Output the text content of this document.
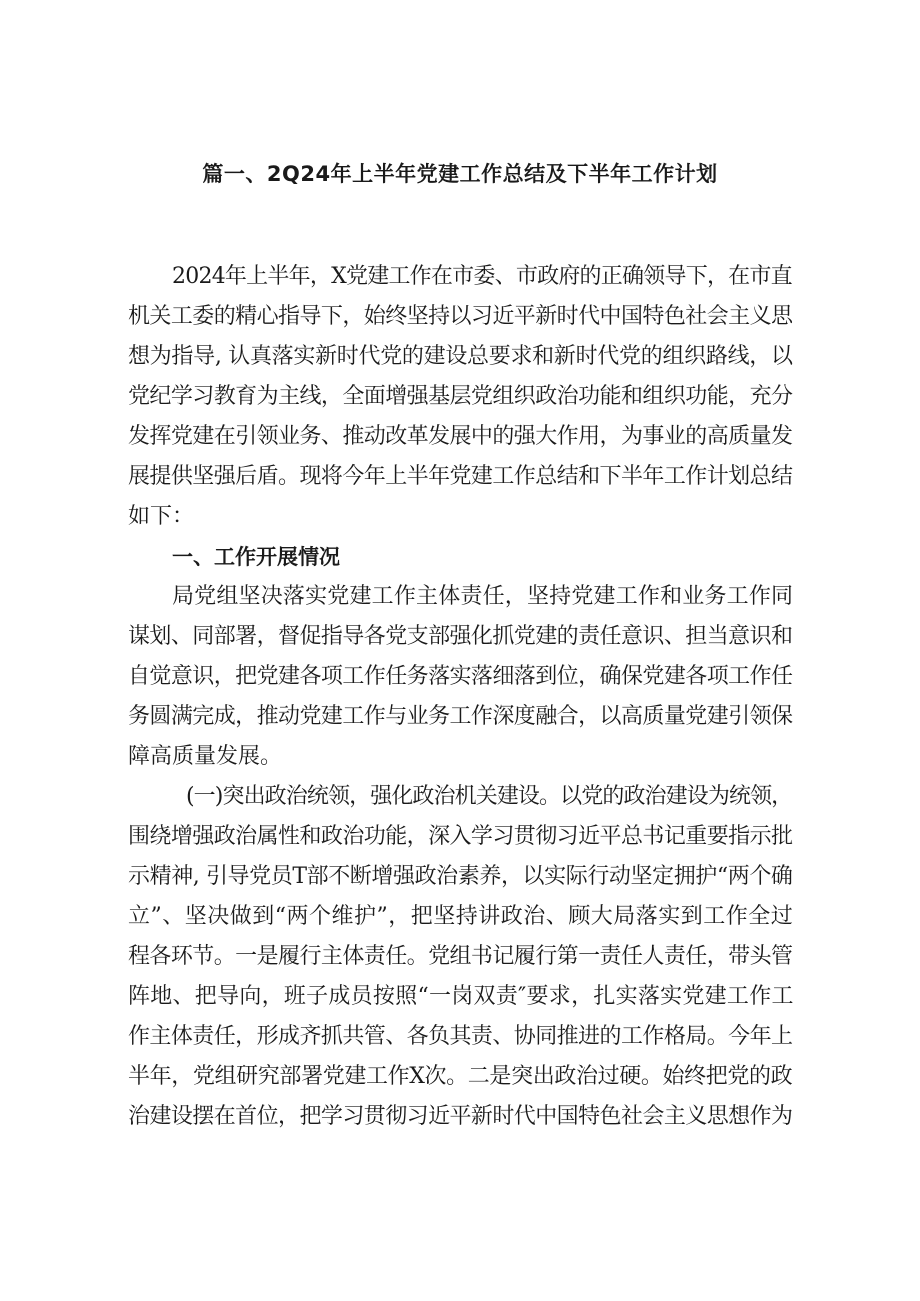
篇一、2Q24年上半年党建工作总结及下半年工作计划
2024年上半年，X党建工作在市委、市政府的正确领导下，在市直
机关工委的精心指导下，始终坚持以习近平新时代中国特色社会主义思
想为指导, 认真落实新时代党的建设总要求和新时代党的组织路线，以
党纪学习教育为主线，全面增强基层党组织政治功能和组织功能，充分
发挥党建在引领业务、推动改革发展中的强大作用，为事业的高质量发
展提供坚强后盾。现将今年上半年党建工作总结和下半年工作计划总结
如下：
一、工作开展情况
局党组坚决落实党建工作主体责任，坚持党建工作和业务工作同
谋划、同部署，督促指导各党支部强化抓党建的责任意识、担当意识和
自觉意识，把党建各项工作任务落实落细落到位，确保党建各项工作任
务圆满完成，推动党建工作与业务工作深度融合，以高质量党建引领保
障高质量发展。
(一)突出政治统领，强化政治机关建设。以党的政治建设为统领，
围绕增强政治属性和政治功能，深入学习贯彻习近平总书记重要指示批
示精神, 引导党员T部不断增强政治素养，以实际行动坚定拥护“两个确
立”、坚决做到“两个维护”，把坚持讲政治、顾大局落实到工作全过
程各环节。一是履行主体责任。党组书记履行第一责任人责任，带头管
阵地、把导向，班子成员按照“一岗双责″要求，扎实落实党建工作工
作主体责任，形成齐抓共管、各负其责、协同推进的工作格局。今年上
半年，党组研究部署党建工作X次。二是突出政治过硬。始终把党的政
治建设摆在首位，把学习贯彻习近平新时代中国特色社会主义思想作为
